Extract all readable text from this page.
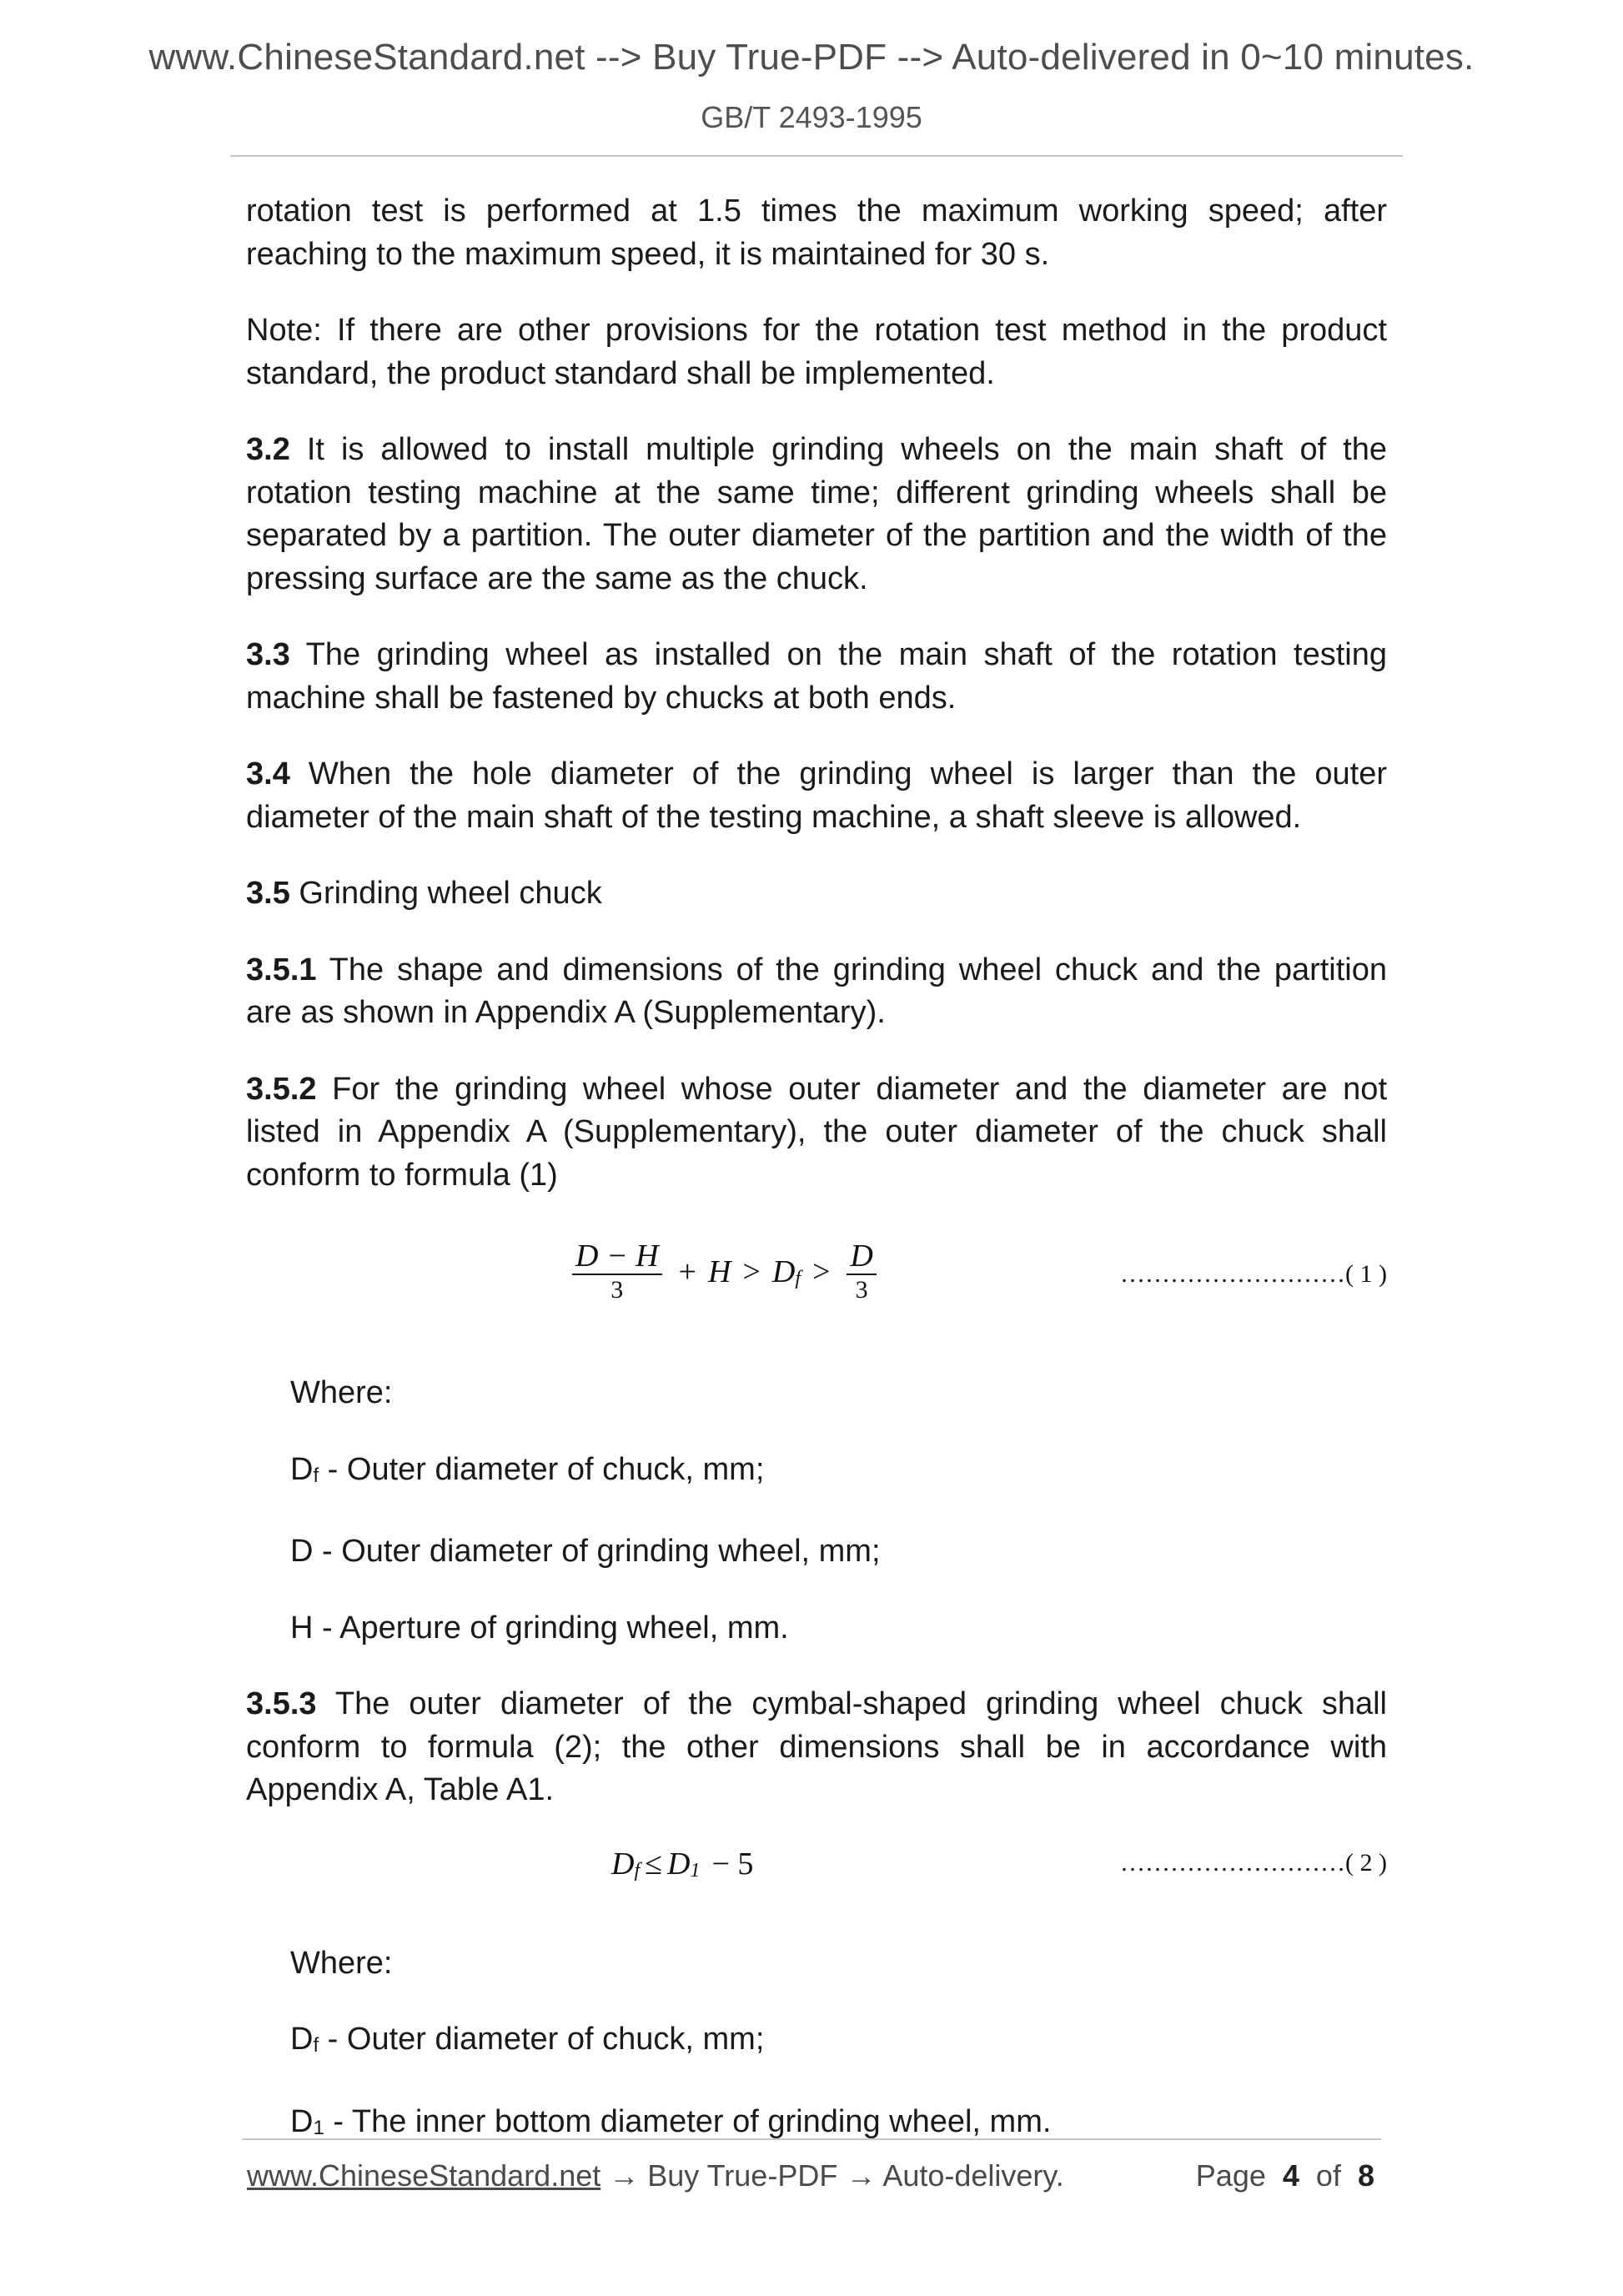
www.ChineseStandard.net --> Buy True-PDF --> Auto-delivered in 0~10 minutes.
GB/T 2493-1995

rotation test is performed at 1.5 times the maximum working speed; after reaching to the maximum speed, it is maintained for 30 s.

Note: If there are other provisions for the rotation test method in the product standard, the product standard shall be implemented.

3.2 It is allowed to install multiple grinding wheels on the main shaft of the rotation testing machine at the same time; different grinding wheels shall be separated by a partition. The outer diameter of the partition and the width of the pressing surface are the same as the chuck.

3.3 The grinding wheel as installed on the main shaft of the rotation testing machine shall be fastened by chucks at both ends.

3.4 When the hole diameter of the grinding wheel is larger than the outer diameter of the main shaft of the testing machine, a shaft sleeve is allowed.

3.5 Grinding wheel chuck

3.5.1 The shape and dimensions of the grinding wheel chuck and the partition are as shown in Appendix A (Supplementary).

3.5.2 For the grinding wheel whose outer diameter and the diameter are not listed in Appendix A (Supplementary), the outer diameter of the chuck shall conform to formula (1)

$\frac{D - H}{3} + H > Df > \frac{D}{3}$	………………………( 1 )

Where:

Df - Outer diameter of chuck, mm;

D - Outer diameter of grinding wheel, mm;

H - Aperture of grinding wheel, mm.

3.5.3 The outer diameter of the cymbal-shaped grinding wheel chuck shall conform to formula (2); the other dimensions shall be in accordance with Appendix A, Table A1.

Df ≤ D1 − 5	………………………( 2 )

Where:

Df - Outer diameter of chuck, mm;

D1 - The inner bottom diameter of grinding wheel, mm.

www.ChineseStandard.net → Buy True-PDF → Auto-delivery.	Page 4 of 8
